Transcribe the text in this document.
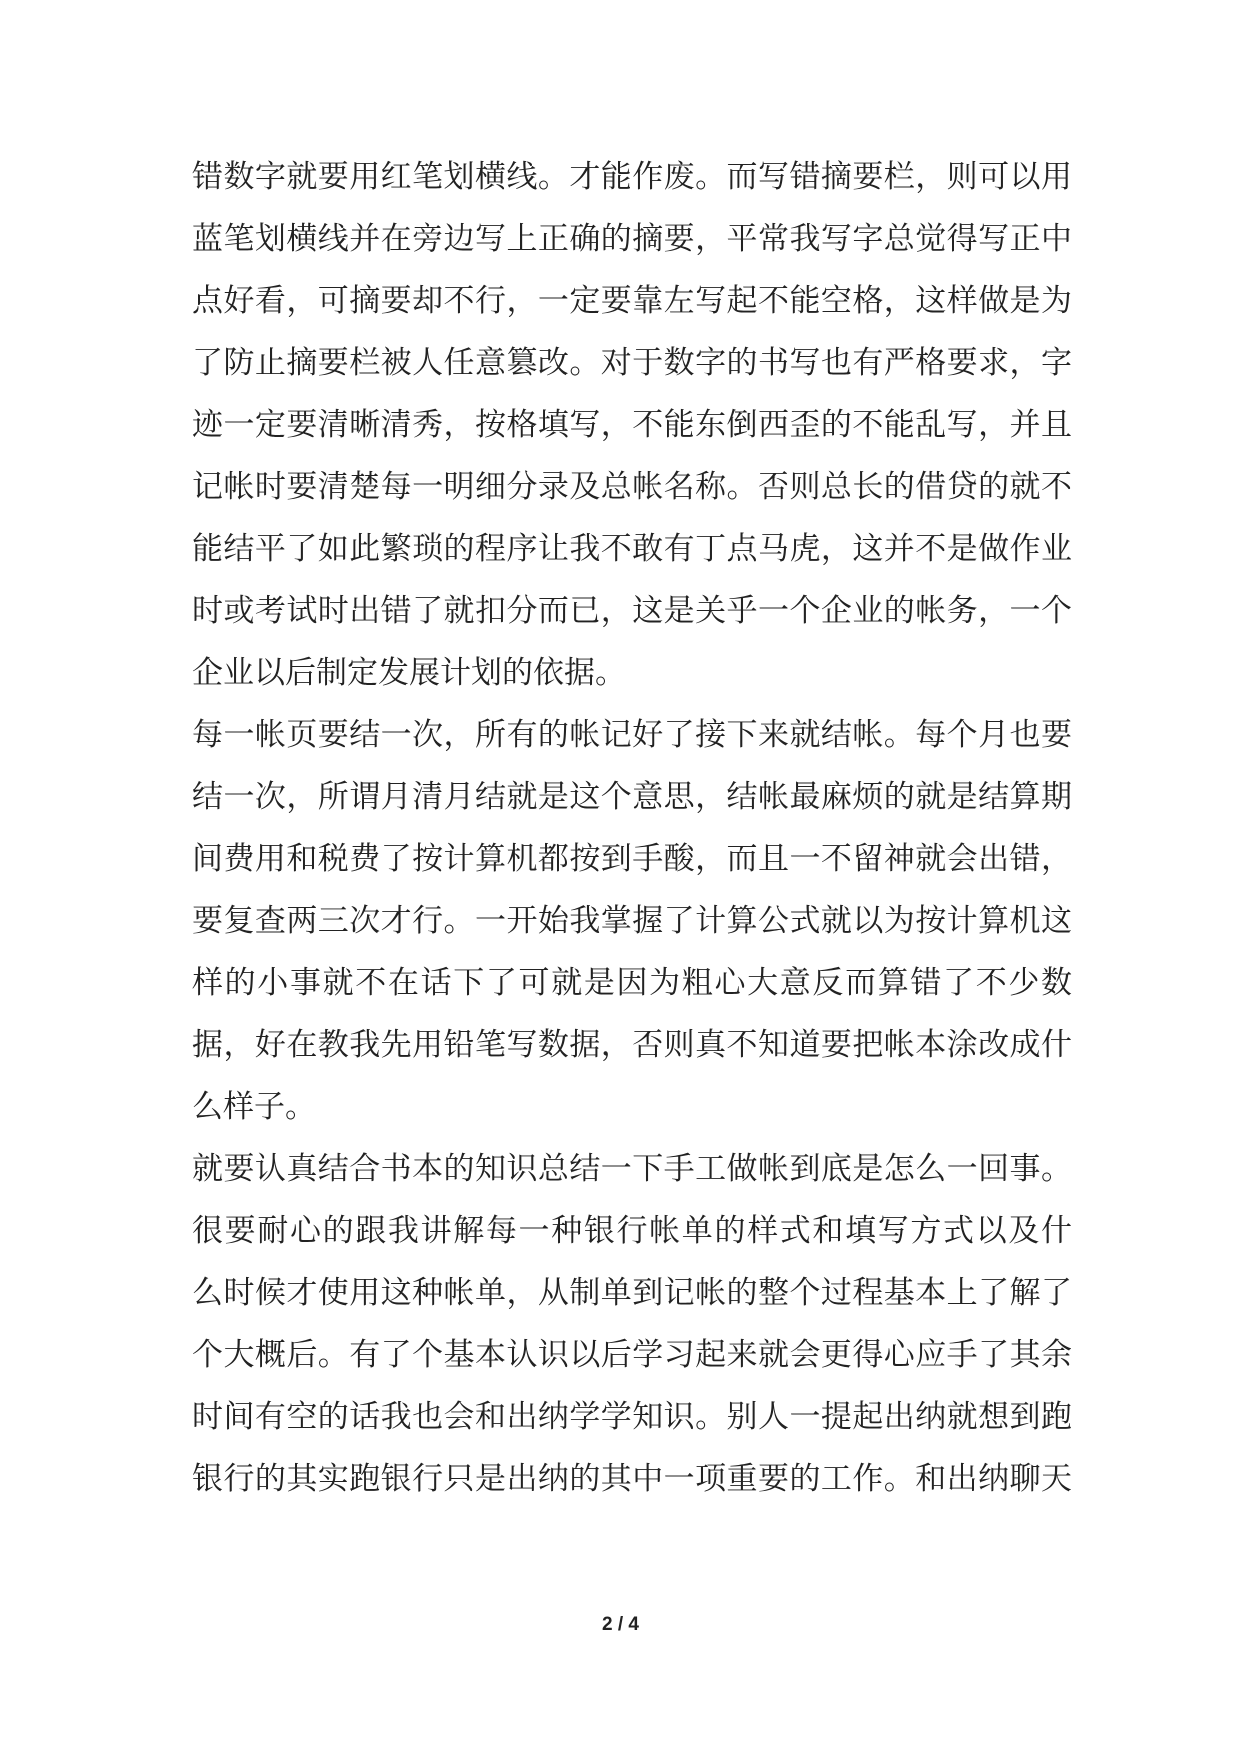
错数字就要用红笔划横线。才能作废。而写错摘要栏，则可以用
蓝笔划横线并在旁边写上正确的摘要，平常我写字总觉得写正中
点好看，可摘要却不行，一定要靠左写起不能空格，这样做是为
了防止摘要栏被人任意篡改。对于数字的书写也有严格要求，字
迹一定要清晰清秀，按格填写，不能东倒西歪的不能乱写，并且
记帐时要清楚每一明细分录及总帐名称。否则总长的借贷的就不
能结平了如此繁琐的程序让我不敢有丁点马虎，这并不是做作业
时或考试时出错了就扣分而已，这是关乎一个企业的帐务，一个
企业以后制定发展计划的依据。
每一帐页要结一次，所有的帐记好了接下来就结帐。每个月也要
结一次，所谓月清月结就是这个意思，结帐最麻烦的就是结算期
间费用和税费了按计算机都按到手酸，而且一不留神就会出错，
要复查两三次才行。一开始我掌握了计算公式就以为按计算机这
样的小事就不在话下了可就是因为粗心大意反而算错了不少数
据，好在教我先用铅笔写数据，否则真不知道要把帐本涂改成什
么样子。
就要认真结合书本的知识总结一下手工做帐到底是怎么一回事。
很要耐心的跟我讲解每一种银行帐单的样式和填写方式以及什
么时候才使用这种帐单，从制单到记帐的整个过程基本上了解了
个大概后。有了个基本认识以后学习起来就会更得心应手了其余
时间有空的话我也会和出纳学学知识。别人一提起出纳就想到跑
银行的其实跑银行只是出纳的其中一项重要的工作。和出纳聊天
2 / 4
